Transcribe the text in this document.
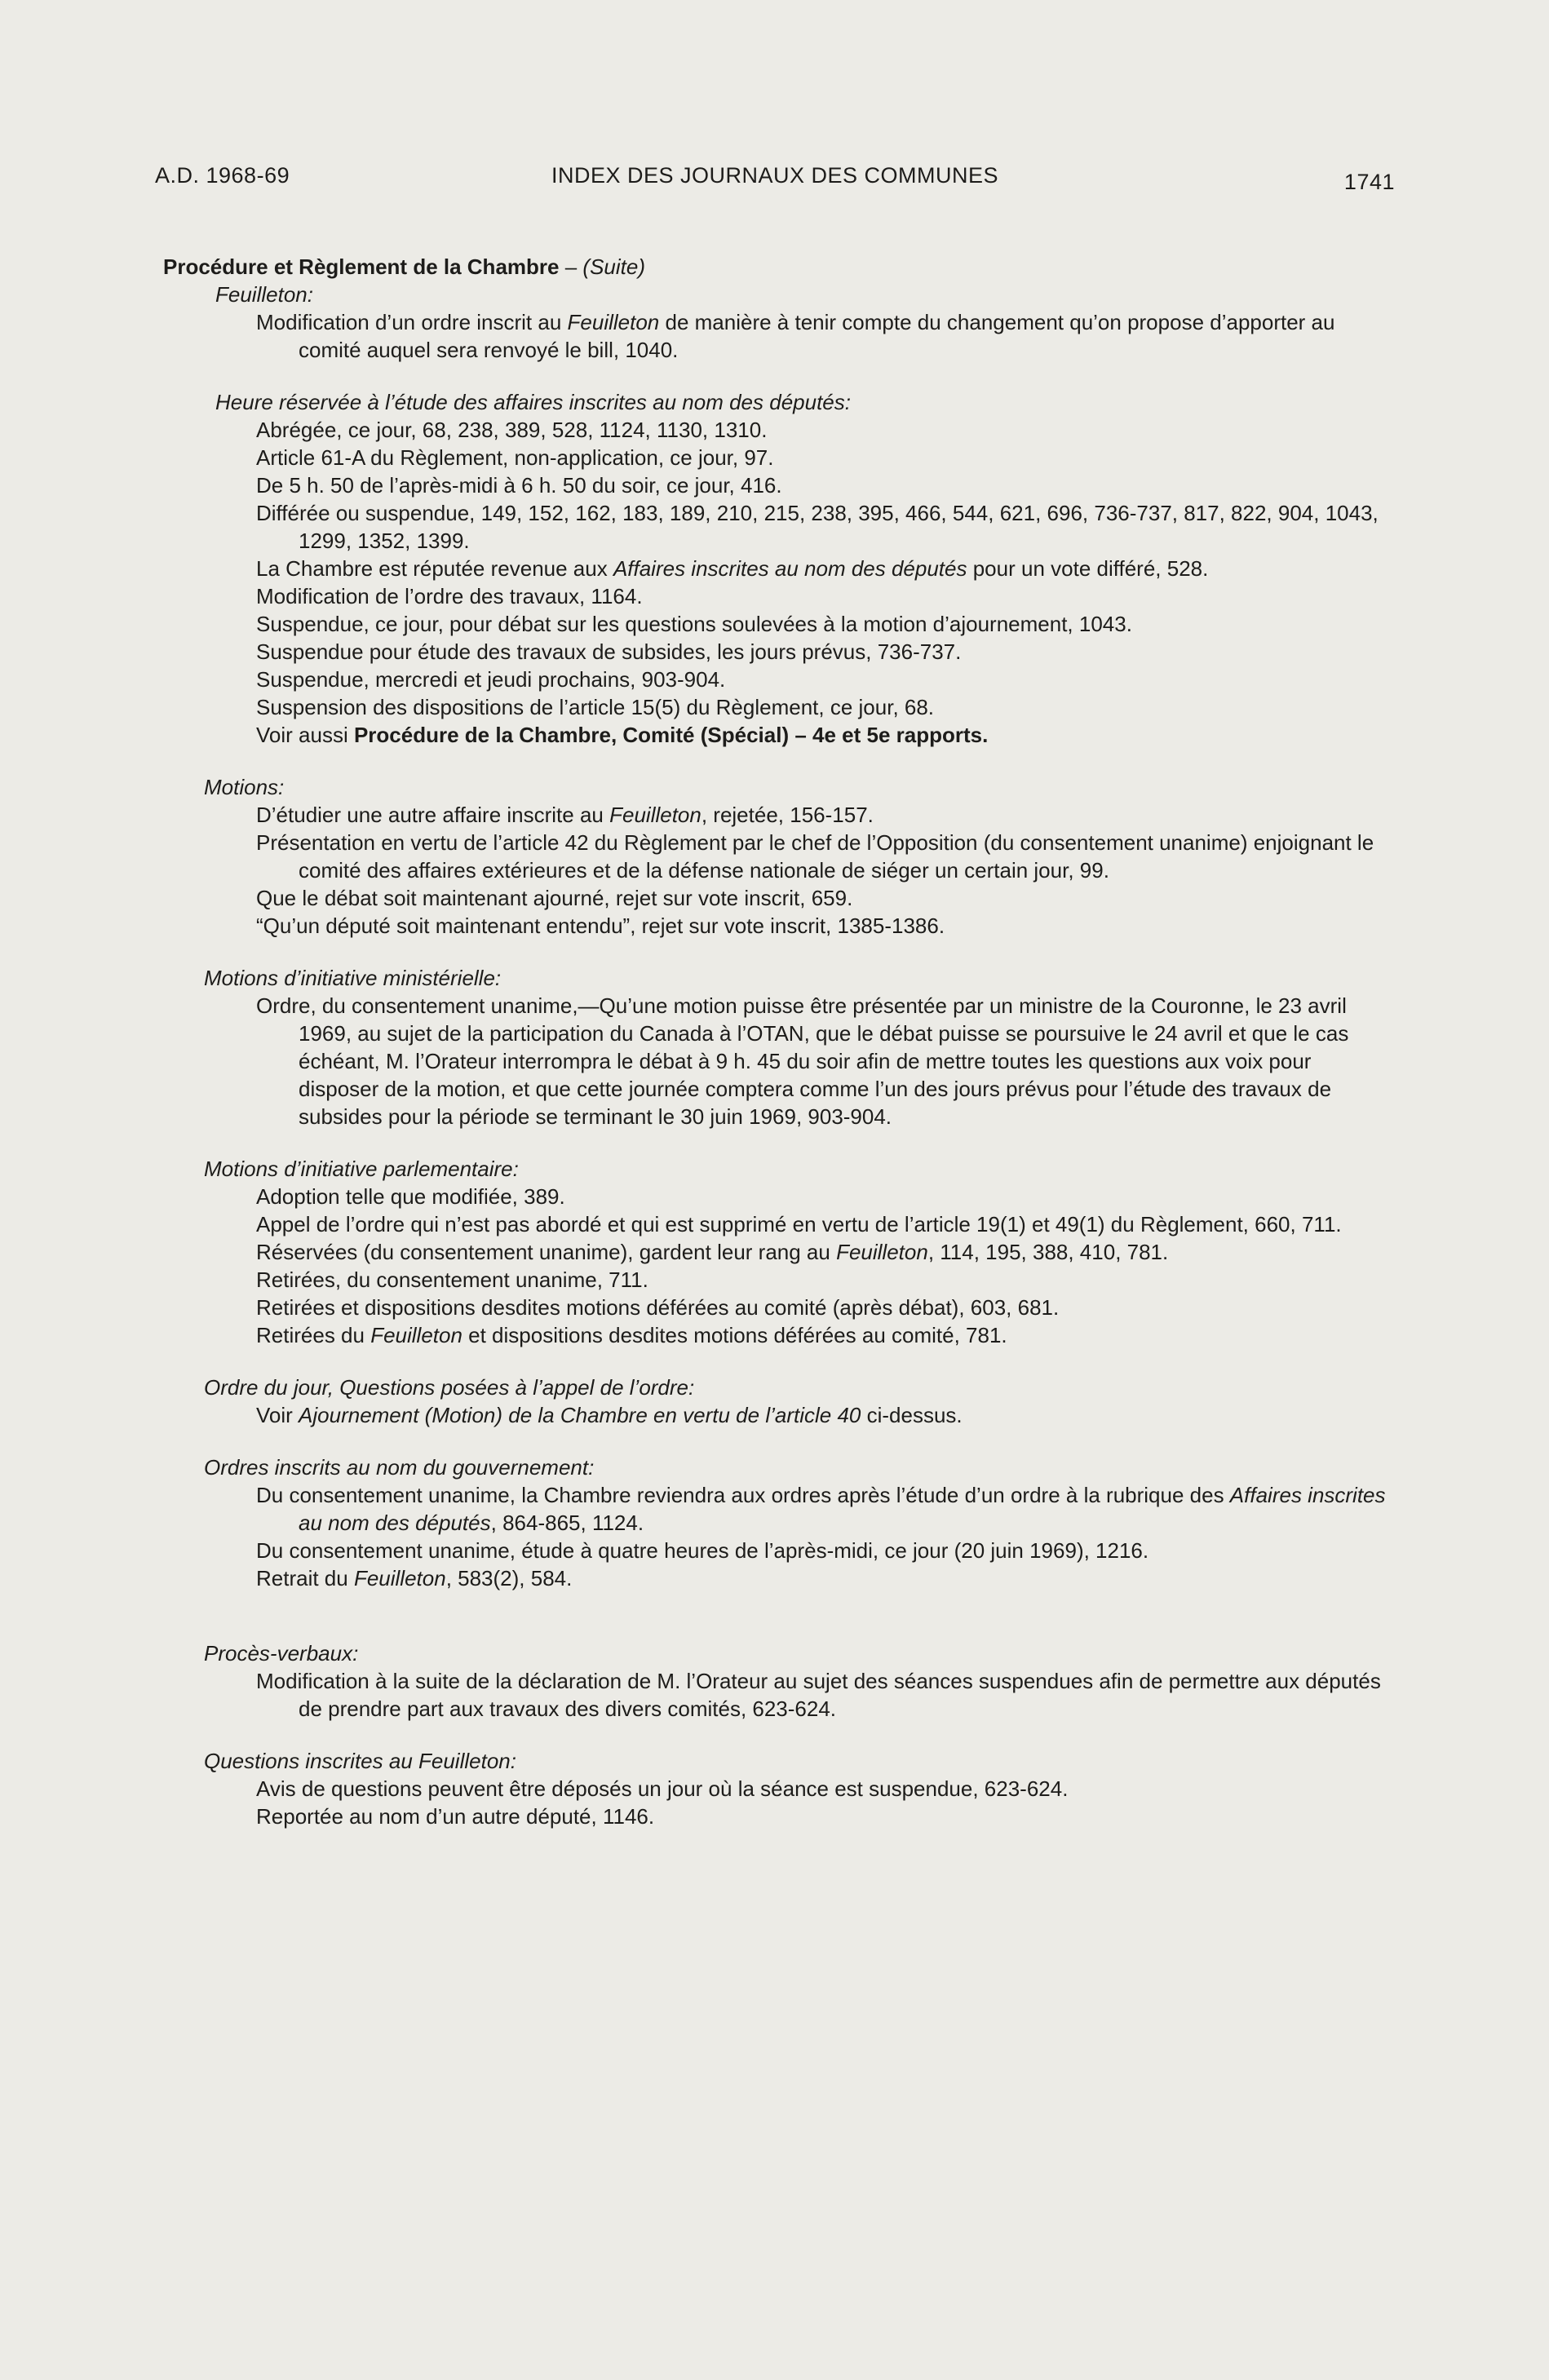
A.D. 1968-69	INDEX DES JOURNAUX DES COMMUNES	1741
Procédure et Règlement de la Chambre – (Suite)
Feuilleton:
Modification d’un ordre inscrit au Feuilleton de manière à tenir compte du changement qu’on propose d’apporter au comité auquel sera renvoyé le bill, 1040.
Heure réservée à l’étude des affaires inscrites au nom des députés:
Abrégée, ce jour, 68, 238, 389, 528, 1124, 1130, 1310.
Article 61-A du Règlement, non-application, ce jour, 97.
De 5 h. 50 de l’après-midi à 6 h. 50 du soir, ce jour, 416.
Différée ou suspendue, 149, 152, 162, 183, 189, 210, 215, 238, 395, 466, 544, 621, 696, 736-737, 817, 822, 904, 1043, 1299, 1352, 1399.
La Chambre est réputée revenue aux Affaires inscrites au nom des députés pour un vote différé, 528.
Modification de l’ordre des travaux, 1164.
Suspendue, ce jour, pour débat sur les questions soulevées à la motion d’ajournement, 1043.
Suspendue pour étude des travaux de subsides, les jours prévus, 736-737.
Suspendue, mercredi et jeudi prochains, 903-904.
Suspension des dispositions de l’article 15(5) du Règlement, ce jour, 68.
Voir aussi Procédure de la Chambre, Comité (Spécial) – 4e et 5e rapports.
Motions:
D’étudier une autre affaire inscrite au Feuilleton, rejetée, 156-157.
Présentation en vertu de l’article 42 du Règlement par le chef de l’Opposition (du consentement unanime) enjoignant le comité des affaires extérieures et de la défense nationale de siéger un certain jour, 99.
Que le débat soit maintenant ajourné, rejet sur vote inscrit, 659.
“Qu’un député soit maintenant entendu”, rejet sur vote inscrit, 1385-1386.
Motions d’initiative ministérielle:
Ordre, du consentement unanime,—Qu’une motion puisse être présentée par un ministre de la Couronne, le 23 avril 1969, au sujet de la participation du Canada à l’OTAN, que le débat puisse se poursuive le 24 avril et que le cas échéant, M. l’Orateur interrompra le débat à 9 h. 45 du soir afin de mettre toutes les questions aux voix pour disposer de la motion, et que cette journée comptera comme l’un des jours prévus pour l’étude des travaux de subsides pour la période se terminant le 30 juin 1969, 903-904.
Motions d’initiative parlementaire:
Adoption telle que modifiée, 389.
Appel de l’ordre qui n’est pas abordé et qui est supprimé en vertu de l’article 19(1) et 49(1) du Règlement, 660, 711.
Réservées (du consentement unanime), gardent leur rang au Feuilleton, 114, 195, 388, 410, 781.
Retirées, du consentement unanime, 711.
Retirées et dispositions desdites motions déférées au comité (après débat), 603, 681.
Retirées du Feuilleton et dispositions desdites motions déférées au comité, 781.
Ordre du jour, Questions posées à l’appel de l’ordre:
Voir Ajournement (Motion) de la Chambre en vertu de l’article 40 ci-dessus.
Ordres inscrits au nom du gouvernement:
Du consentement unanime, la Chambre reviendra aux ordres après l’étude d’un ordre à la rubrique des Affaires inscrites au nom des députés, 864-865, 1124.
Du consentement unanime, étude à quatre heures de l’après-midi, ce jour (20 juin 1969), 1216.
Retrait du Feuilleton, 583(2), 584.
Procès-verbaux:
Modification à la suite de la déclaration de M. l’Orateur au sujet des séances suspendues afin de permettre aux députés de prendre part aux travaux des divers comités, 623-624.
Questions inscrites au Feuilleton:
Avis de questions peuvent être déposés un jour où la séance est suspendue, 623-624.
Reportée au nom d’un autre député, 1146.
